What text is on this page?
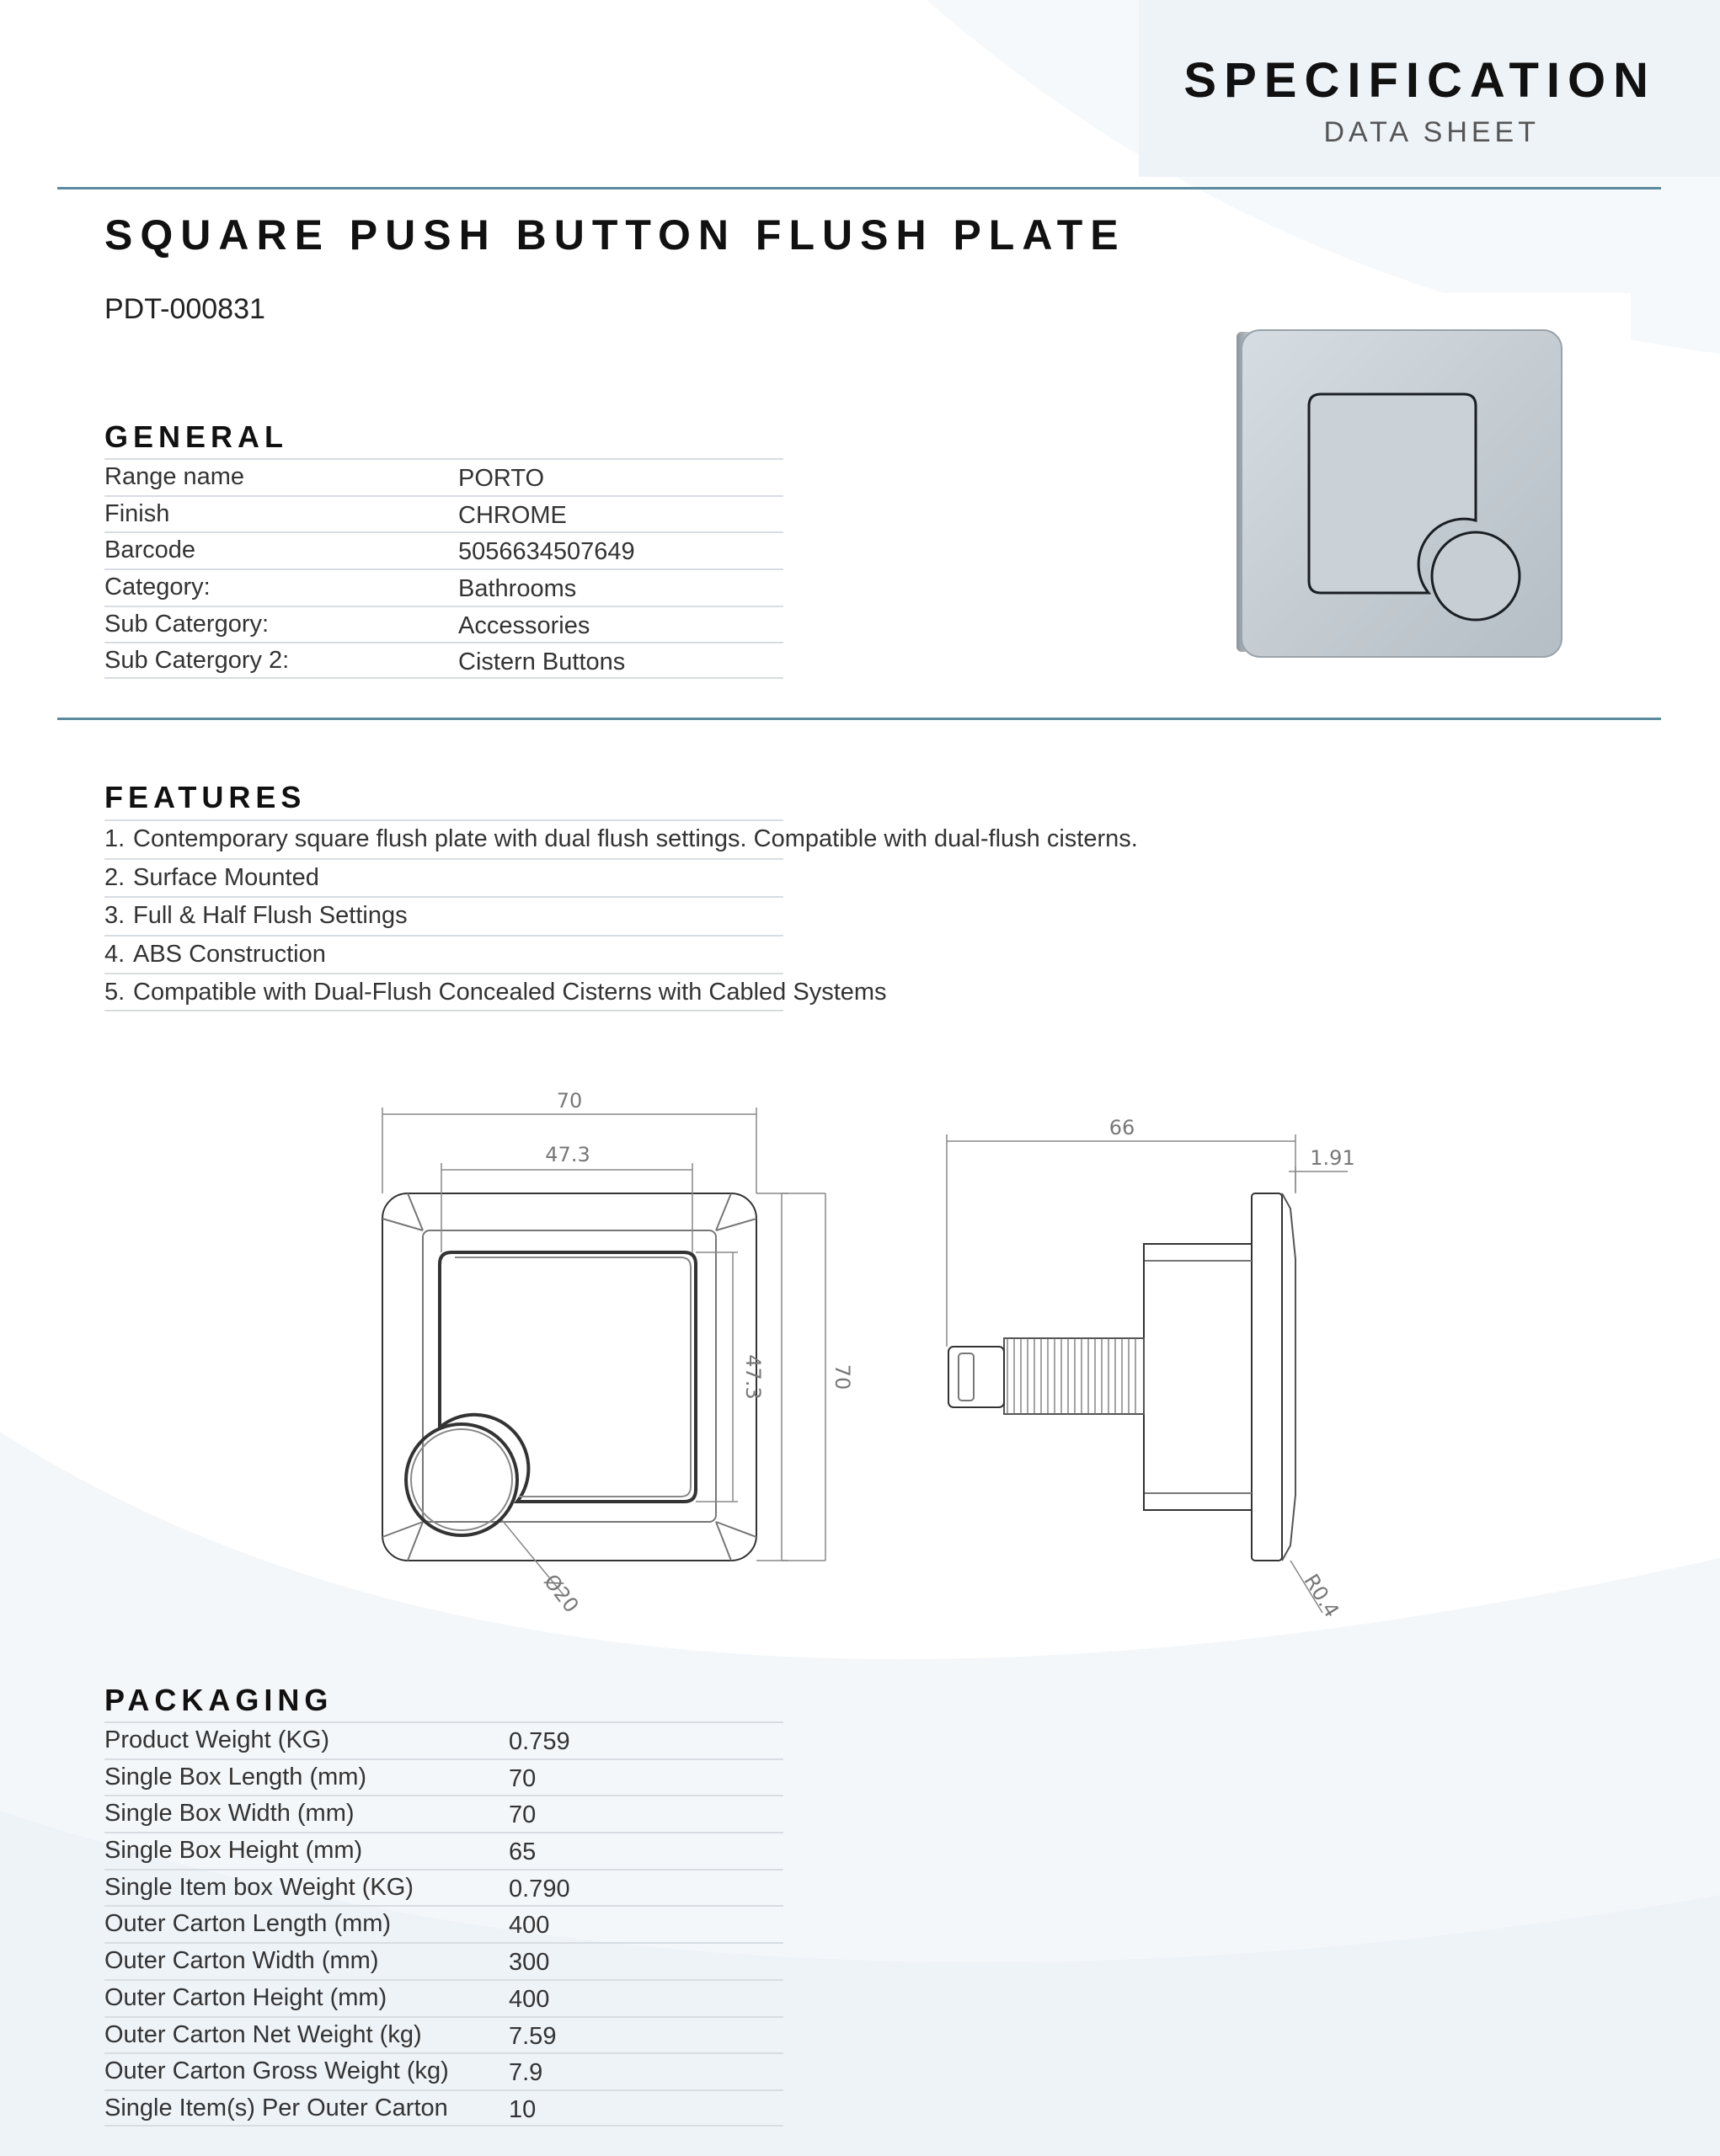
SPECIFICATION
DATA SHEET
SQUARE PUSH BUTTON FLUSH PLATE
PDT-000831
GENERAL
Range name	PORTO
Finish	CHROME
Barcode	5056634507649
Category:	Bathrooms
Sub Catergory:	Accessories
Sub Catergory 2:	Cistern Buttons
FEATURES
1. Contemporary square flush plate with dual flush settings. Compatible with dual-flush cisterns.
2. Surface Mounted
3. Full & Half Flush Settings
4. ABS Construction
5. Compatible with Dual-Flush Concealed Cisterns with Cabled Systems
70
47.3
47.3	70
Ø20
66
1.91
R0.4
PACKAGING
Product Weight (KG)	0.759
Single Box Length (mm)	70
Single Box Width (mm)	70
Single Box Height (mm)	65
Single Item box Weight (KG)	0.790
Outer Carton Length (mm)	400
Outer Carton Width (mm)	300
Outer Carton Height (mm)	400
Outer Carton Net Weight (kg)	7.59
Outer Carton Gross Weight (kg) 7.9
Single Item(s) Per Outer Carton 10
